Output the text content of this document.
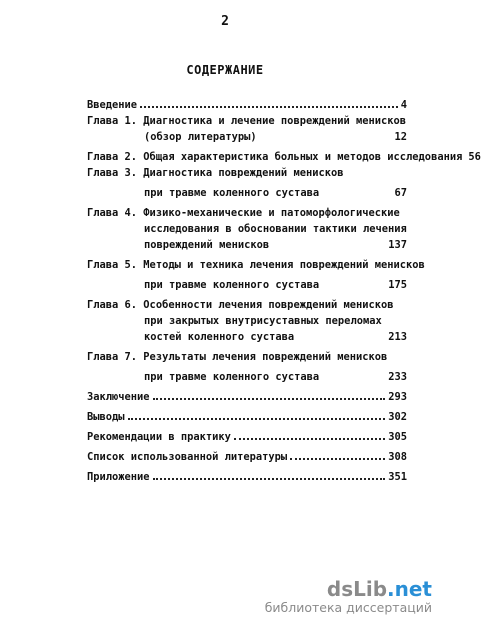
2
СОДЕРЖАНИЕ
Введение	4
Глава 1. Диагностика и лечение повреждений менисков
(обзор литературы)	12
Глава 2. Общая характеристика больных и методов исследования 56
Глава 3. Диагностика повреждений менисков
при травме коленного сустава	67
Глава 4. Физико-механические и патоморфологические
исследования в обосновании тактики лечения
повреждений менисков	137
Глава 5. Методы и техника лечения повреждений менисков
при травме коленного сустава	175
Глава 6. Особенности лечения повреждений менисков
при закрытых внутрисуставных переломах
костей коленного сустава	213
Глава 7. Результаты лечения повреждений менисков
при травме коленного сустава	233
Заключение	293
Выводы	302
Рекомендации в практику	305
Список использованной литературы	308
Приложение	351
dsLib.net
библиотека диссертаций
